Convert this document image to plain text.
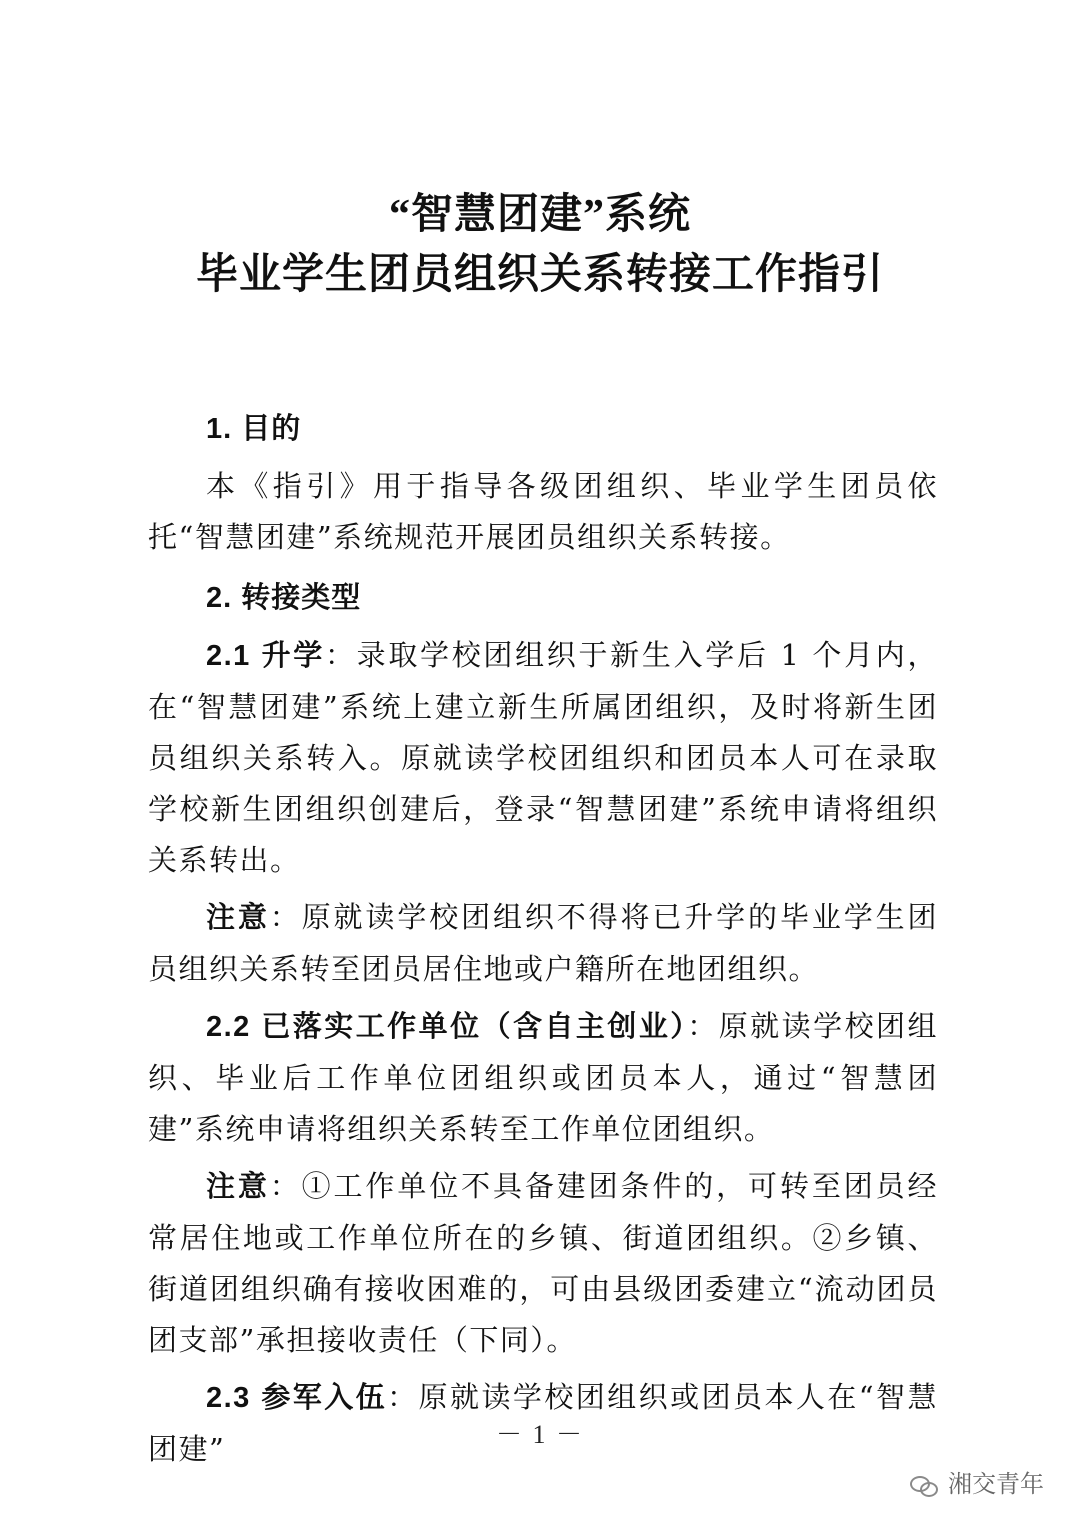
“智慧团建”系统

毕业学生团员组织关系转接工作指引

1. 目的

本《指引》用于指导各级团组织、毕业学生团员依托“智慧团建”系统规范开展团员组织关系转接。

2. 转接类型

2.1 升学：录取学校团组织于新生入学后 1 个月内，在“智慧团建”系统上建立新生所属团组织，及时将新生团员组织关系转入。原就读学校团组织和团员本人可在录取学校新生团组织创建后，登录“智慧团建”系统申请将组织关系转出。

注意：原就读学校团组织不得将已升学的毕业学生团员组织关系转至团员居住地或户籍所在地团组织。

2.2 已落实工作单位（含自主创业）：原就读学校团组织、毕业后工作单位团组织或团员本人，通过“智慧团建”系统申请将组织关系转至工作单位团组织。

注意：①工作单位不具备建团条件的，可转至团员经常居住地或工作单位所在的乡镇、街道团组织。②乡镇、街道团组织确有接收困难的，可由县级团委建立“流动团员团支部”承担接收责任（下同）。

2.3 参军入伍：原就读学校团组织或团员本人在“智慧团建”	－ 1 －
湘交青年
